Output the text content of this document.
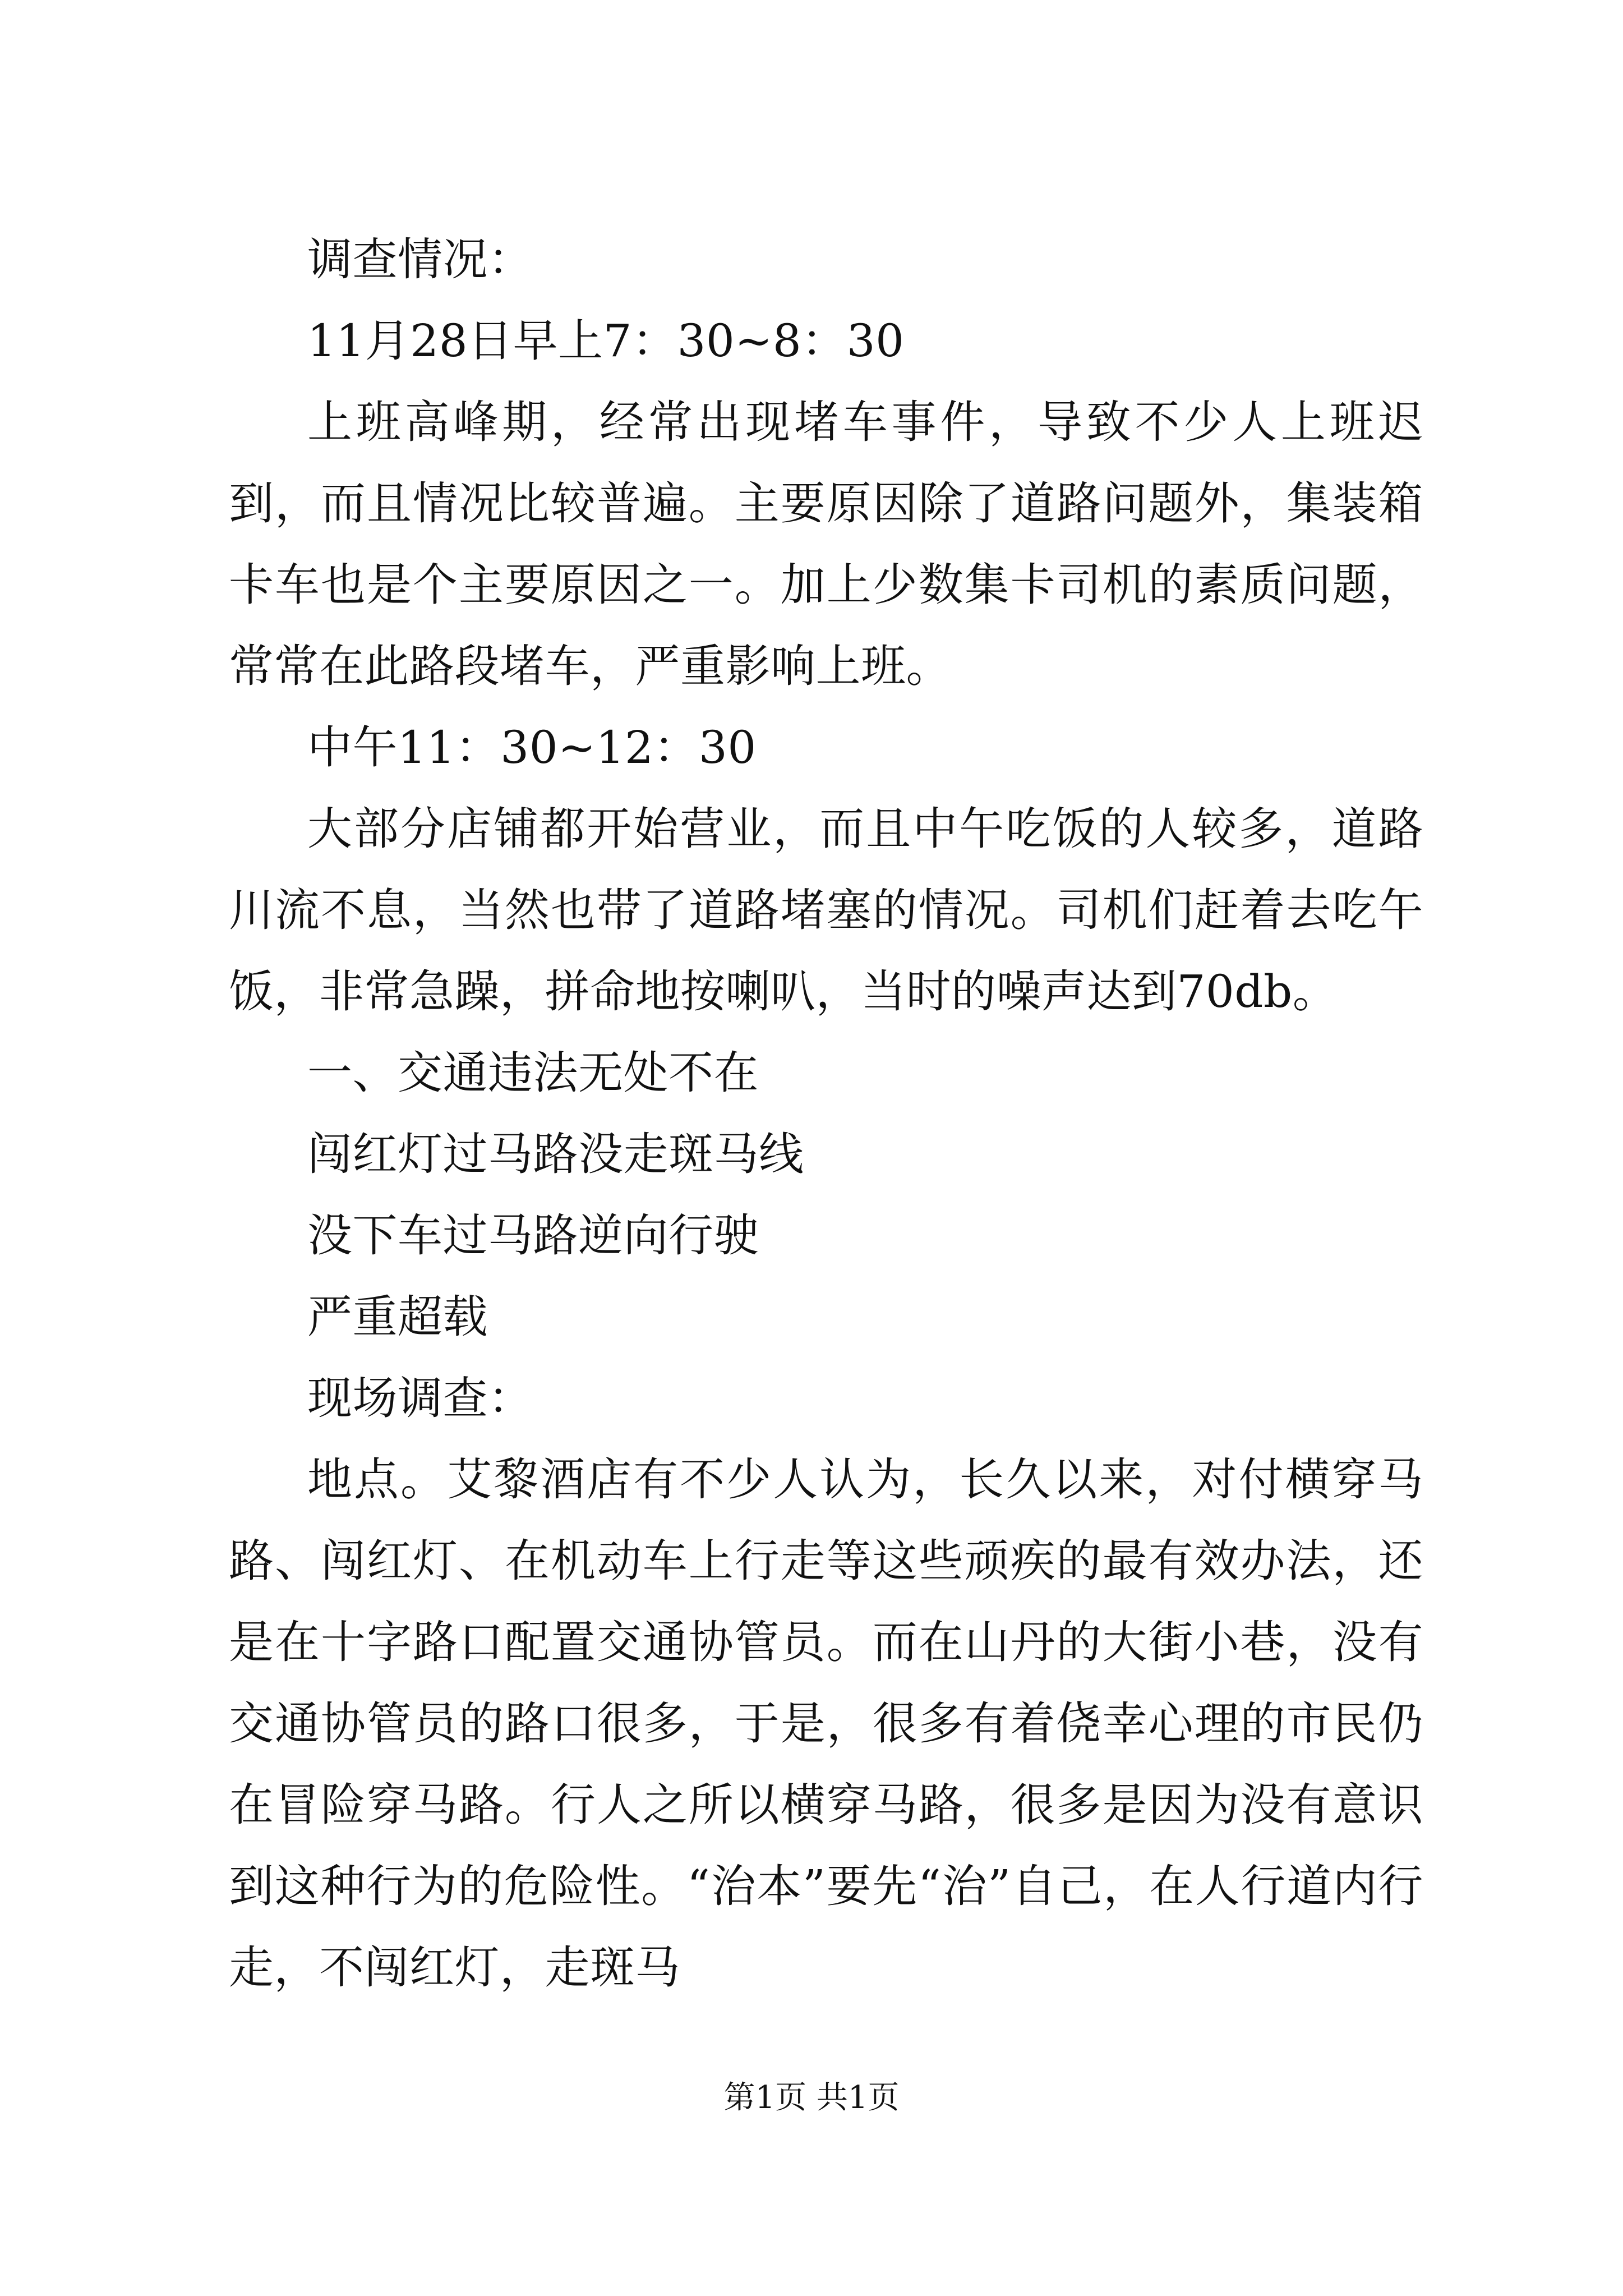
调查情况：

11月28日早上7：30~8：30

上班高峰期，经常出现堵车事件，导致不少人上班迟到，而且情况比较普遍。主要原因除了道路问题外，集装箱卡车也是个主要原因之一。加上少数集卡司机的素质问题，常常在此路段堵车，严重影响上班。

中午11：30~12：30

大部分店铺都开始营业，而且中午吃饭的人较多，道路川流不息，当然也带了道路堵塞的情况。司机们赶着去吃午饭，非常急躁，拼命地按喇叭，当时的噪声达到70db。

一、交通违法无处不在

闯红灯过马路没走斑马线

没下车过马路逆向行驶

严重超载

现场调查：

地点。艾黎酒店有不少人认为，长久以来，对付横穿马路、闯红灯、在机动车上行走等这些顽疾的最有效办法，还是在十字路口配置交通协管员。而在山丹的大街小巷，没有交通协管员的路口很多，于是，很多有着侥幸心理的市民仍在冒险穿马路。行人之所以横穿马路，很多是因为没有意识到这种行为的危险性。“治本”要先“治”自己，在人行道内行走，不闯红灯，走斑马

第1页 共1页
